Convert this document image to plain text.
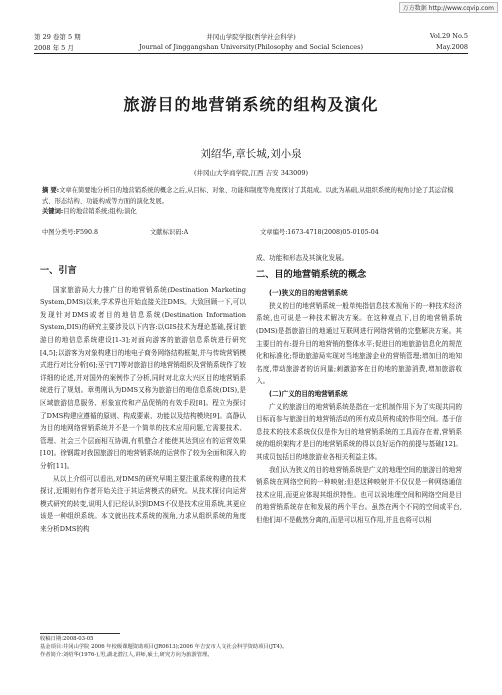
万方数据 http://www.cqvip.com
第 29 卷第 5 期	井冈山学院学报(哲学社会科学)	Vol.29 No.5
2008 年 5 月	Journal of Jinggangshan University(Philosophy and Social Sciences)	May.2008
旅游目的地营销系统的组构及演化
刘绍华,章长城,刘小泉
(井冈山大学商学院,江西 吉安 343009)
摘 要:文章在简要地分析目的地营销系统的概念之后,从目标、对象、功能和制度等角度探讨了其组成。以此为基础,从组织系统的视角讨论了其运营模式、形态结构、功能构成等方面的演化发展。
关键词:目的地营销系统;组构;演化
中图分类号:F590.8	文献标识码:A	文章编号:1673-4718(2008)05-0105-04
一、引言

国家旅游局大力推广目的地营销系统(Destination Marketing System,DMS)以来,学术界也开始直接关注DMS。大致回顾一下,可以发现针对DMS或者目的地信息系统(Destination Information System,DIS)的研究主要涉及以下内容:以GIS技术为理论基础,探讨旅游目的地信息系统建设[1-3];对面向游客的旅游信息系统进行研究[4,5];以游客为对象构建目的地电子商务网络结构框架,并与传统营销模式进行对比分析[6];巫宁[7]等对旅游目的地营销组织及营销系统作了较详细的论述,并对国外的案例作了分析,同时对北京大兴区目的地营销系统进行了规划。章勇刚认为DMS又称为旅游目的地信息系统(DIS),是区域旅游信息服务、形象宣传和产品促销的有效手段[8]。程立为探讨了DMS构建应遵循的原则、构成要素、功能以及结构模块[9]。高静认为目的地网络营销系统并不是一个简单的技术应用问题,它需要技术、管理、社会三个层面相互协调,有机整合才能使其达到应有的运营效果[10]。徐钢霞对我国旅游目的地营销系统的运营作了较为全面和深入的分析[11]。

从以上介绍可以看出,对DMS的研究早期主要注重系统构建的技术探讨,近期则有作者开始关注于其运营模式的研究。从技术探讨向运营模式研究的转变,说明人们已经认识到DMS不仅是技术应用系统,其更应该是一种组织系统。本文就出技术系统的视角,力求从组织系统的角度来分析DMS的构

成、功能和形态及其演化发展。

二、目的地营销系统的概念
(一)狭义的目的地营销系统

狭义的目的地营销系统一般单纯指信息技术视角下的一种技术经济系统,也可说是一种技术解决方案。在这种观点下,目的地营销系统(DMS)是指旅游目的地通过互联网进行网络营销的完整解决方案。其主要目的有:提升目的地营销的整体水平;促进目的地旅游信息化的规范化和标准化;帮助旅游局实现对当地旅游企业的营销管理;增加目的地知名度,带动旅游者的访问量;刺激游客在目的地的旅游消费,增加旅游收入。

(二)广义的目的地营销系统

广义的旅游目的地营销系统是指在一定机制作用下为了实现共同的目标而参与旅游目的地营销活动的所有成员所构成的作用空间。基于信息技术的技术系统仅仅是作为目的地营销系统的工具而存在着,营销系统的组织架构才是目的地营销系统的得以良好运作的前提与基础[12]。其成员包括目的地旅游业各相关利益主体。

我们认为狭义的目的地营销系统是广义的地理空间的旅游目的地营销系统在网络空间的一种映射;但是这种映射并不仅仅是一种网络通信技术应用,而更应体现其组织特性。也可以说地理空间和网络空间是目的地营销系统存在和发展的两个平台。虽然在两个不同的空间或平台,但他们却不是截然分离的,而是可以相互作用,并且也将可以相

收稿日期:2008-03-05
基金项目:井冈山学院 2006 年校级课题资助项目(JR0613);2006 年吉安市人文社会科学资助项目(JT4)。
作者简介:刘绍华(1976-),男,湖北潜江人,讲师,硕士,研究方向为旅游管理。
